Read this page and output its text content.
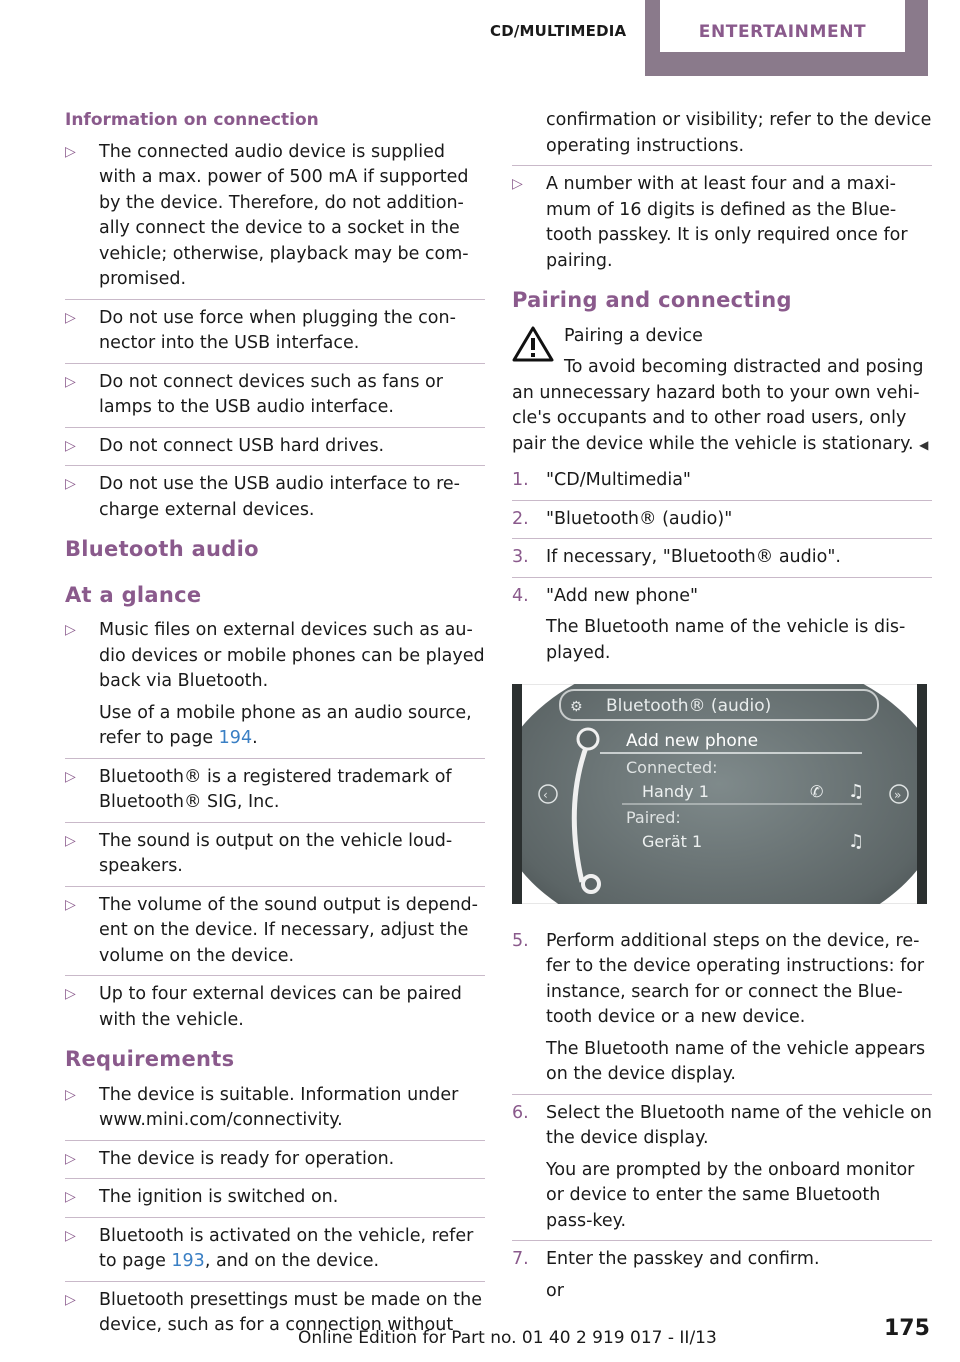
CD/MULTIMEDIA	ENTERTAINMENT
Information on connection
▷ The connected audio device is supplied with a max. power of 500 mA if supported by the device. Therefore, do not addition‐ally connect the device to a socket in the vehicle; otherwise, playback may be com‐promised.
▷ Do not use force when plugging the con‐nector into the USB interface.
▷ Do not connect devices such as fans or lamps to the USB audio interface.
▷ Do not connect USB hard drives.
▷ Do not use the USB audio interface to re‐charge external devices.
Bluetooth audio
At a glance
▷ Music files on external devices such as au‐dio devices or mobile phones can be played back via Bluetooth.
Use of a mobile phone as an audio source, refer to page 194.
▷ Bluetooth® is a registered trademark of Bluetooth® SIG, Inc.
▷ The sound is output on the vehicle loud‐speakers.
▷ The volume of the sound output is depend‐ent on the device. If necessary, adjust the volume on the device.
▷ Up to four external devices can be paired with the vehicle.
Requirements
▷ The device is suitable. Information under www.mini.com/connectivity.
▷ The device is ready for operation.
▷ The ignition is switched on.
▷ Bluetooth is activated on the vehicle, refer to page 193, and on the device.
▷ Bluetooth presettings must be made on the device, such as for a connection without
confirmation or visibility; refer to the device operating instructions.
▷ A number with at least four and a maxi‐mum of 16 digits is defined as the Blue‐tooth passkey. It is only required once for pairing.
Pairing and connecting
Pairing a device
To avoid becoming distracted and posing
an unnecessary hazard both to your own vehi‐cle's occupants and to other road users, only pair the device while the vehicle is stationary. ◀
1. "CD/Multimedia"
2. "Bluetooth® (audio)"
3. If necessary, "Bluetooth® audio".
4. "Add new phone"
The Bluetooth name of the vehicle is dis‐played.
⚙ Bluetooth® (audio)
‹	»
Add new phone
Connected:
Handy 1	✆ ♫
Paired:
Gerät 1	♫
5. Perform additional steps on the device, re‐fer to the device operating instructions: for instance, search for or connect the Blue‐tooth device or a new device.
The Bluetooth name of the vehicle appears on the device display.
6. Select the Bluetooth name of the vehicle on the device display.
You are prompted by the onboard monitor or device to enter the same Bluetooth pass‐key.
7. Enter the passkey and confirm.
or
Online Edition for Part no. 01 40 2 919 017 - II/13	175
